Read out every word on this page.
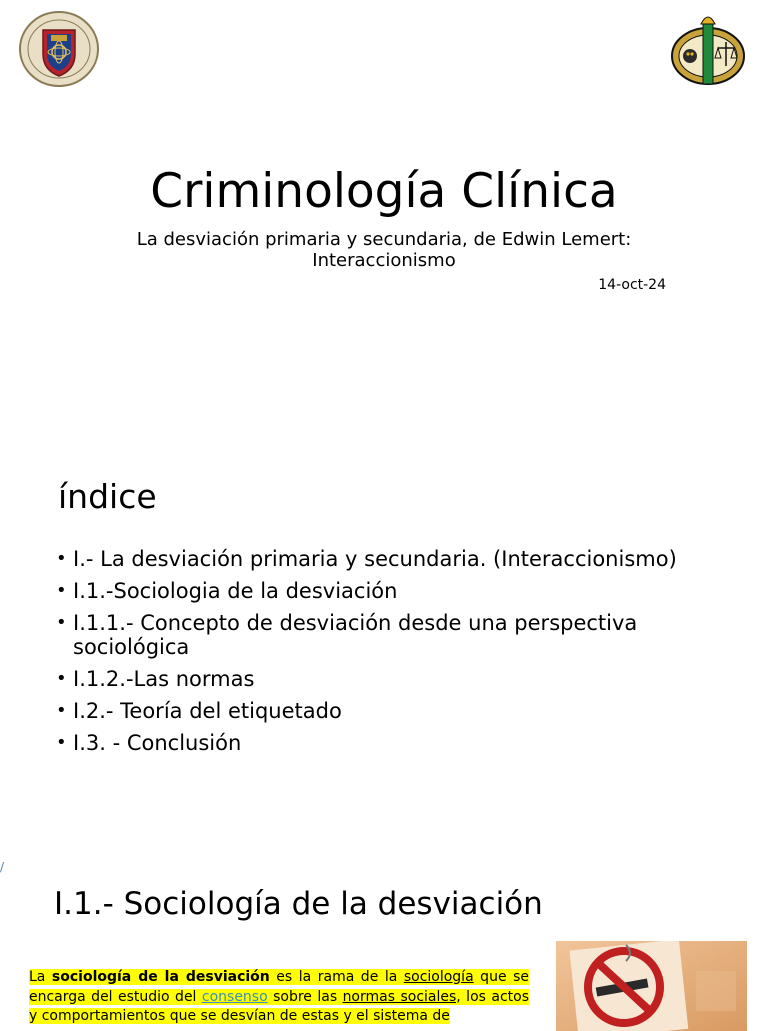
Criminología Clínica
La desviación primaria y secundaria, de Edwin Lemert: Interaccionismo
14-oct-24
índice
• I.- La desviación primaria y secundaria. (Interaccionismo)
• I.1.-Sociologia de la desviación
• I.1.1.- Concepto de desviación desde una perspectiva sociológica
• I.1.2.-Las normas
• I.2.- Teoría del etiquetado
• I.3. - Conclusión
/
I.1.- Sociología de la desviación
La sociología de la desviación es la rama de la sociología que se encarga del estudio del consenso sobre las normas sociales, los actos y comportamientos que se desvían de estas y el sistema de
